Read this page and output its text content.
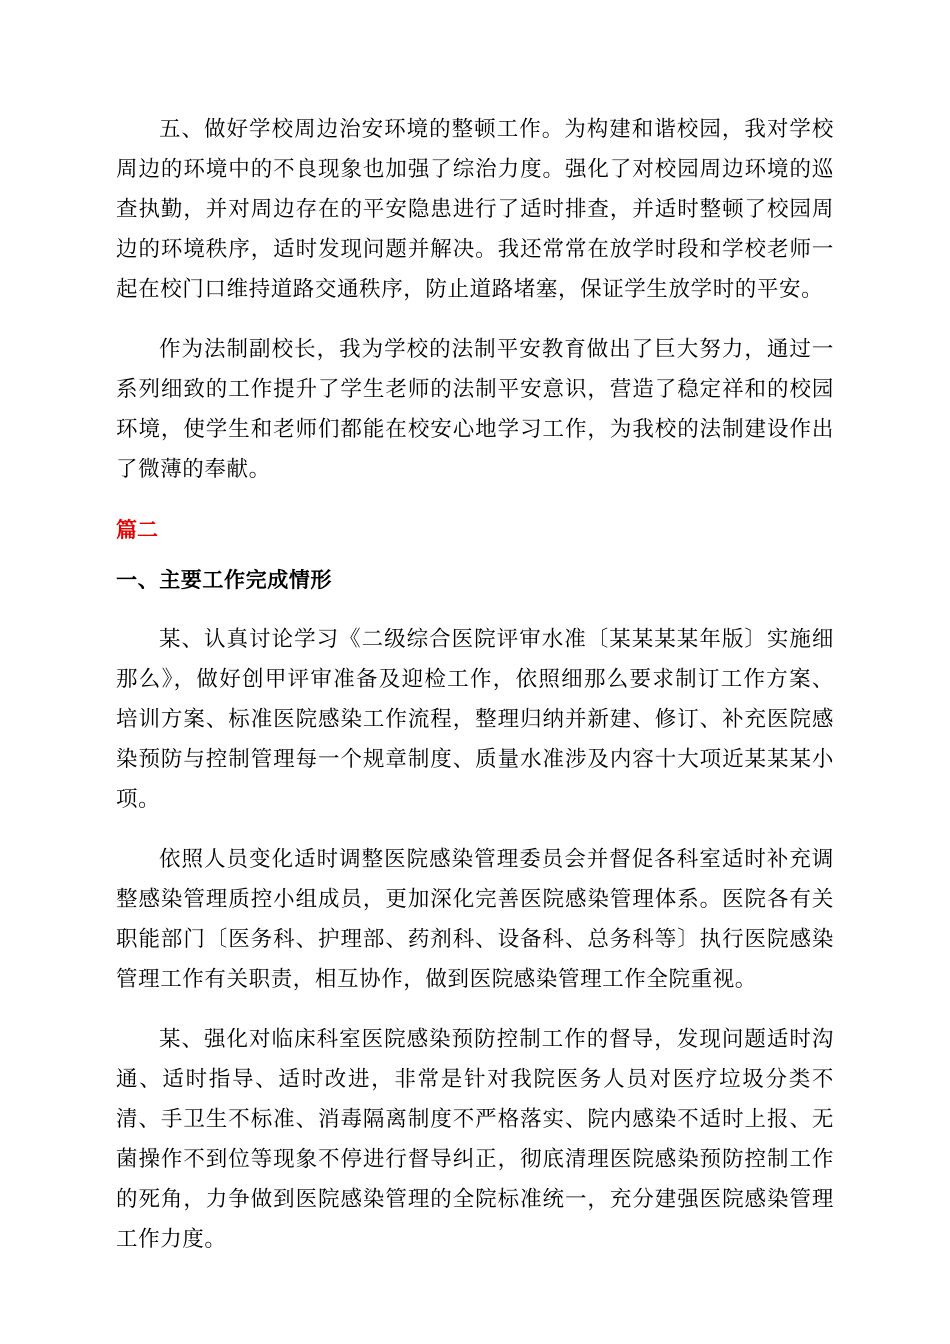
五、做好学校周边治安环境的整顿工作。为构建和谐校园，我对学校周边的环境中的不良现象也加强了综治力度。强化了对校园周边环境的巡查执勤，并对周边存在的平安隐患进行了适时排查，并适时整顿了校园周边的环境秩序，适时发现问题并解决。我还常常在放学时段和学校老师一起在校门口维持道路交通秩序，防止道路堵塞，保证学生放学时的平安。

作为法制副校长，我为学校的法制平安教育做出了巨大努力，通过一系列细致的工作提升了学生老师的法制平安意识，营造了稳定祥和的校园环境，使学生和老师们都能在校安心地学习工作，为我校的法制建设作出了微薄的奉献。

篇二
一、主要工作完成情形

某、认真讨论学习《二级综合医院评审水准〔某某某某年版〕实施细那么》，做好创甲评审准备及迎检工作，依照细那么要求制订工作方案、培训方案、标准医院感染工作流程，整理归纳并新建、修订、补充医院感染预防与控制管理每一个规章制度、质量水准涉及内容十大项近某某某小项。

依照人员变化适时调整医院感染管理委员会并督促各科室适时补充调整感染管理质控小组成员，更加深化完善医院感染管理体系。医院各有关职能部门〔医务科、护理部、药剂科、设备科、总务科等〕执行医院感染管理工作有关职责，相互协作，做到医院感染管理工作全院重视。

某、强化对临床科室医院感染预防控制工作的督导，发现问题适时沟通、适时指导、适时改进，非常是针对我院医务人员对医疗垃圾分类不清、手卫生不标准、消毒隔离制度不严格落实、院内感染不适时上报、无菌操作不到位等现象不停进行督导纠正，彻底清理医院感染预防控制工作的死角，力争做到医院感染管理的全院标准统一，充分建强医院感染管理工作力度。
